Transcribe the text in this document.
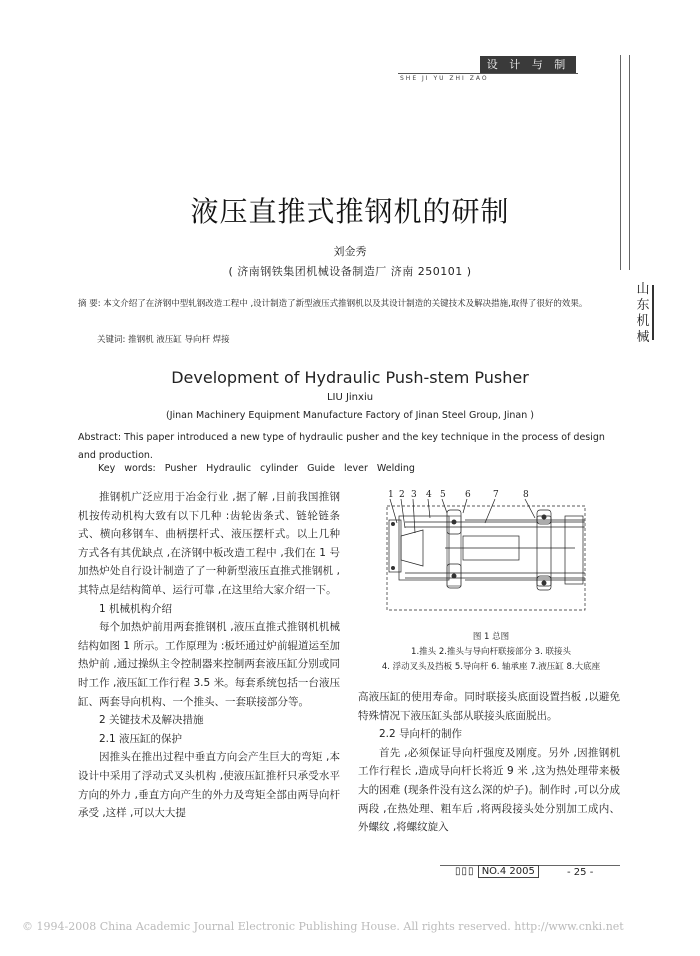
设 计 与 制 造
SHE JI YU ZHI ZAO
山
东
机
械
液压直推式推钢机的研制
刘金秀
( 济南钢铁集团机械设备制造厂 济南 250101 )
摘 要: 本文介绍了在济钢中型轧钢改造工程中 ,设计制造了新型液压式推钢机以及其设计制造的关键技术及解决措施,取得了很好的效果。
关键词: 推钢机 液压缸 导向杆 焊接
Development of Hydraulic Push-stem Pusher
LIU Jinxiu
(Jinan Machinery Equipment Manufacture Factory of Jinan Steel Group, Jinan )
Abstract: This paper introduced a new type of hydraulic pusher and the key technique in the process of design and production.
Key words: Pusher Hydraulic cylinder Guide lever Welding

推钢机广泛应用于冶金行业 ,据了解 ,目前我国推钢机按传动机构大致有以下几种 :齿轮齿条式、链轮链条式、横向移钢车、曲柄摆杆式、液压摆杆式。以上几种方式各有其优缺点 ,在济钢中板改造工程中 ,我们在 1 号加热炉处自行设计制造了了一种新型液压直推式推钢机 ,其特点是结构简单、运行可靠 ,在这里给大家介绍一下。

1 机械机构介绍

每个加热炉前用两套推钢机 ,液压直推式推钢机机械结构如图 1 所示。工作原理为 :板坯通过炉前辊道运至加热炉前 ,通过操纵主令控制器来控制两套液压缸分别或同时工作 ,液压缸工作行程 3.5 米。每套系统包括一台液压缸、两套导向机构、一个推头、一套联接部分等。

2 关键技术及解决措施

2.1 液压缸的保护

因推头在推出过程中垂直方向会产生巨大的弯矩 ,本设计中采用了浮动式叉头机构 ,使液压缸推杆只承受水平方向的外力 ,垂直方向产生的外力及弯矩全部由两导向杆承受 ,这样 ,可以大大提

1 2 3 4 5 6 7	8
图 1 总图
1.推头 2.推头与导向杆联接部分 3. 联接头
4. 浮动叉头及挡板 5.导向杆 6. 轴承座 7.液压缸 8.大底座

高液压缸的使用寿命。同时联接头底面设置挡板 ,以避免特殊情况下液压缸头部从联接头底面脱出。

2.2 导向杆的制作

首先 ,必须保证导向杆强度及刚度。另外 ,因推钢机工作行程长 ,造成导向杆长将近 9 米 ,这为热处理带来极大的困难 (现条件没有这么深的炉子)。制作时 ,可以分成两段 ,在热处理、粗车后 ,将两段接头处分别加工成内、外螺纹 ,将螺纹旋入

▯▯▯ NO.4 2005	- 25 -
© 1994-2008 China Academic Journal Electronic Publishing House. All rights reserved. http://www.cnki.net
